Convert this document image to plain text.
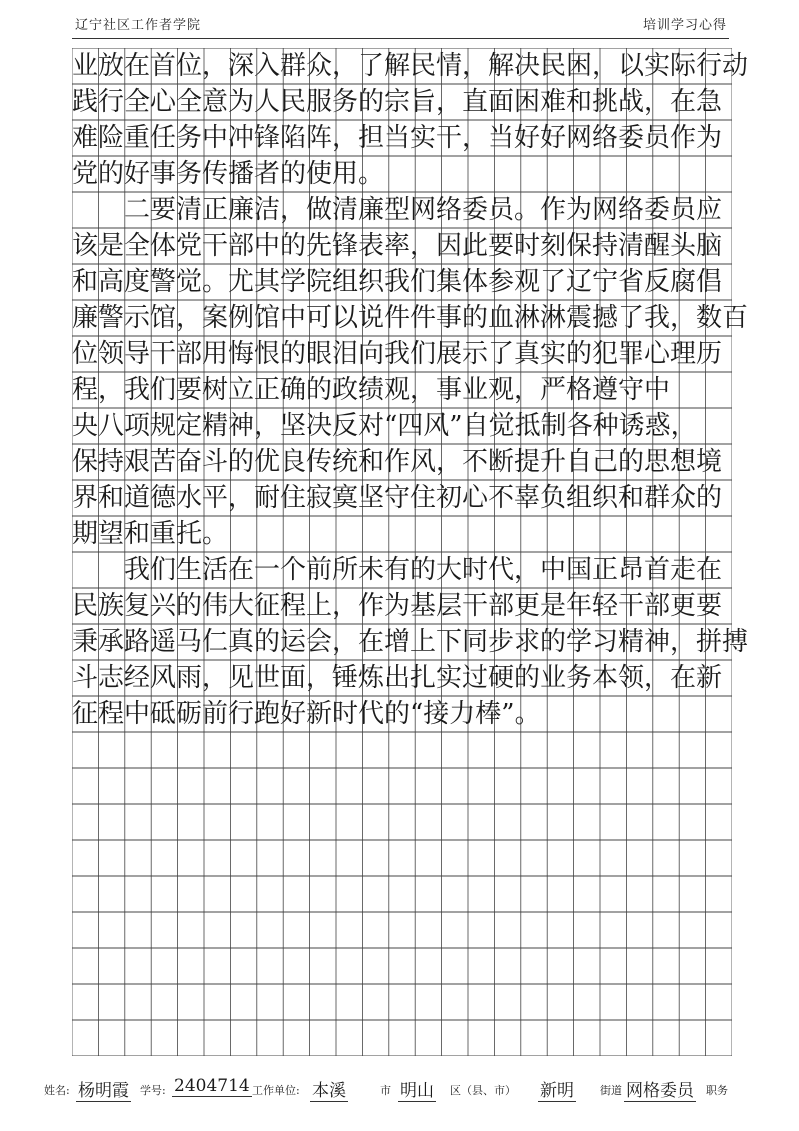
辽宁社区工作者学院	培训学习心得
业放在首位，深入群众，了解民情，解决民困，以实际行动
践行全心全意为人民服务的宗旨，直面困难和挑战，在急
难险重任务中冲锋陷阵，担当实干，当好好网络委员作为
党的好事务传播者的使用。
　　二要清正廉洁，做清廉型网络委员。作为网络委员应
该是全体党干部中的先锋表率，因此要时刻保持清醒头脑
和高度警觉。尤其学院组织我们集体参观了辽宁省反腐倡
廉警示馆，案例馆中可以说件件事的血淋淋震撼了我，数百
位领导干部用悔恨的眼泪向我们展示了真实的犯罪心理历
程，我们要树立正确的政绩观，事业观，严格遵守中
央八项规定精神，坚决反对“四风”自觉抵制各种诱惑，
保持艰苦奋斗的优良传统和作风，不断提升自己的思想境
界和道德水平，耐住寂寞坚守住初心不辜负组织和群众的
期望和重托。
　　我们生活在一个前所未有的大时代，中国正昂首走在
民族复兴的伟大征程上，作为基层干部更是年轻干部更要
秉承路遥马仁真的运会，在增上下同步求的学习精神，拼搏
斗志经风雨，见世面，锤炼出扎实过硬的业务本领，在新
征程中砥砺前行跑好新时代的“接力棒”。
姓名: 杨明霞 学号: 2404714 工作单位: 本溪	市 明山 区（县、市） 新明 街道 网格委员 职务
